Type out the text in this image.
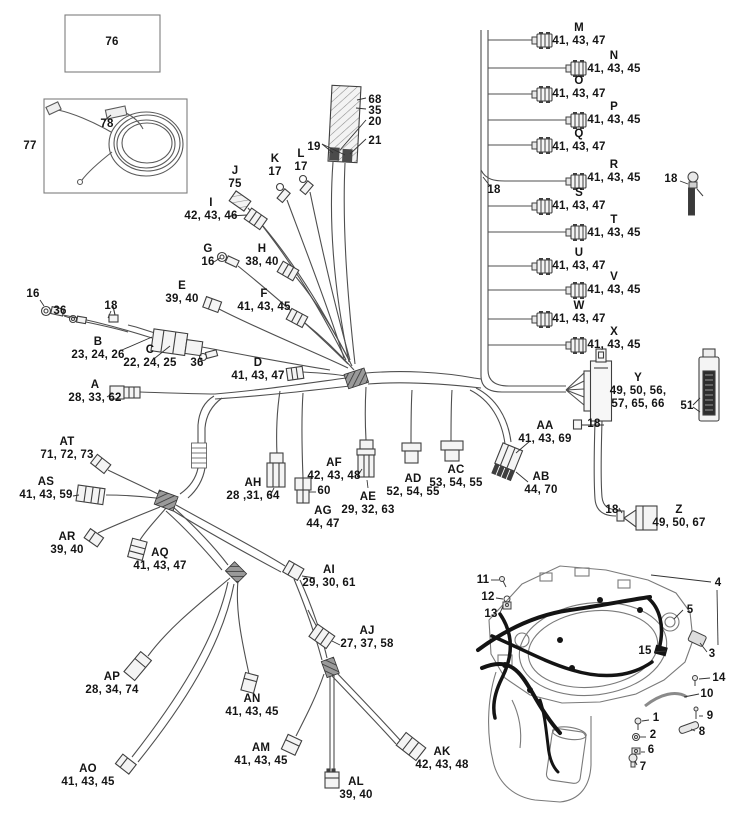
76
77
78
68
35
20
21
19
K
17
L
17
J
75
I
42, 43, 46
G
16
H
38, 40
E
39, 40	F
41, 43, 45
16
36	18
B
23, 24, 26	C
22, 24, 25 36	D
41, 43, 47
A
28, 33, 62
M
41, 43, 47
N
41, 43, 45
O
41, 43, 47
P
41, 43, 45
Q
41, 43, 47
R
41, 43, 45
S
41, 43, 47
T
41, 43, 45
U
41, 43, 47
V
41, 43, 45
W
41, 43, 47
X
41, 43, 45
18
18
Y
49, 50, 56,
57, 65, 66 51
18
AA
41, 43, 69
AB
44, 70
18	Z
49, 50, 67
AC
53, 54, 55
AD
52, 54, 55
AE
29, 32, 63
AF
42, 43, 48
60
AG
44, 47
AH
28 ,31, 64
AT
71, 72, 73
AS
41, 43, 59
AR
39, 40	AQ
41, 43, 47	AI
29, 30, 61
AJ
27, 37, 58
AP
28, 34, 74
AN
41, 43, 45
AM
41, 43, 45
AO
41, 43, 45	AL
39, 40
AK
42, 43, 48
11
12
13
4
5
3
15
14
10
9
8
1
2
6
7
